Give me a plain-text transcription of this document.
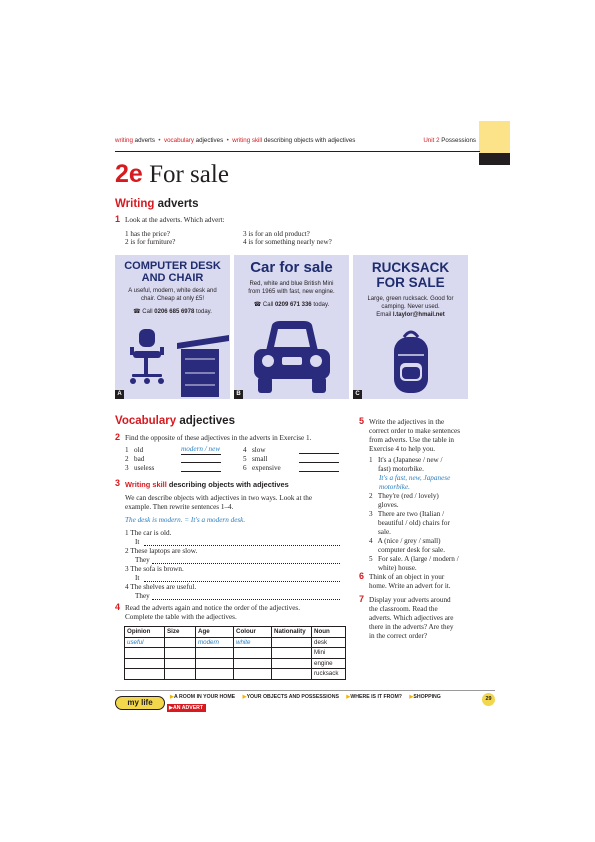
writing adverts  •  vocabulary adjectives  •  writing skill describing objects with adjectives	Unit 2 Possessions
2e For sale
Writing adverts
1 Look at the adverts. Which advert:
1 has the price?
2 is for furniture?
3 is for an old product?
4 is for something nearly new?
COMPUTER DESK
AND CHAIR
A useful, modern, white desk and
chair. Cheap at only £5!
☎ Call 0206 685 6978 today.
A
Car for sale
Red, white and blue British Mini
from 1965 with fast, new engine.
☎ Call 0209 671 336 today.
B
RUCKSACK
FOR SALE
Large, green rucksack. Good for
camping. Never used.
Email l.taylor@hmail.net
C
Vocabulary adjectives
2 Find the opposite of these adjectives in the adverts in Exercise 1.
1 old	modern / new
2 bad
3 useless
4 slow
5 small
6 expensive
3 Writing skill describing objects with adjectives
We can describe objects with adjectives in two ways. Look at the
example. Then rewrite sentences 1–4.
The desk is modern. = It's a modern desk.
1 The car is old.
It
2 These laptops are slow.
They
3 The sofa is brown.
It
4 The shelves are useful.
They
4 Read the adverts again and notice the order of the adjectives.
Complete the table with the adjectives.
Opinion	Size	Age	Colour	Nationality	Noun
useful		modern	white		desk
					Mini
					engine
					rucksack
5 Write the adjectives in the
correct order to make sentences
from adverts. Use the table in
Exercise 4 to help you.
1   It's a (Japanese / new /
fast) motorbike.
It's a fast, new, Japanese
motorbike.
2   They're (red / lovely)
gloves.
3   There are two (Italian /
beautiful / old) chairs for
sale.
4   A (nice / grey / small)
computer desk for sale.
5   For sale. A (large / modern /
white) house.
6 Think of an object in your
home. Write an advert for it.
7 Display your adverts around
the classroom. Read the
adverts. Which adjectives are
there in the adverts? Are they
in the correct order?
my life
▶A ROOM IN YOUR HOME ▶YOUR OBJECTS AND POSSESSIONS ▶WHERE IS IT FROM? ▶SHOPPING
▶AN ADVERT
29
